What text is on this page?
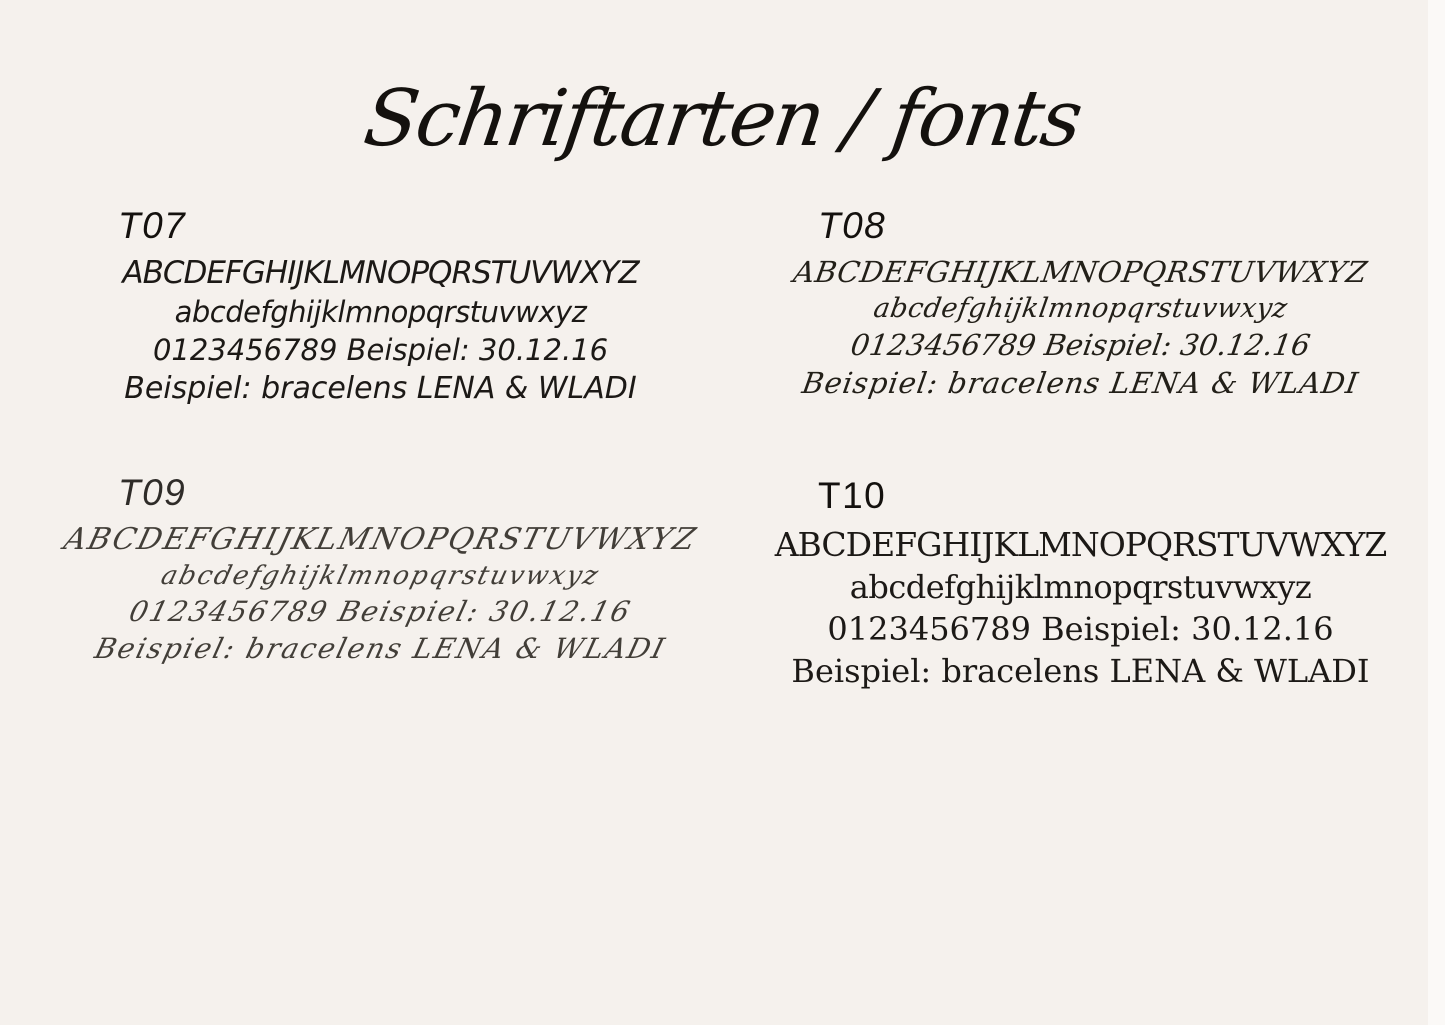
Schriftarten / fonts
T07
ABCDEFGHIJKLMNOPQRSTUVWXYZ
abcdefghijklmnopqrstuvwxyz
0123456789 Beispiel: 30.12.16
Beispiel: bracelens LENA & WLADI
T08
ABCDEFGHIJKLMNOPQRSTUVWXYZ
abcdefghijklmnopqrstuvwxyz
0123456789 Beispiel: 30.12.16
Beispiel: bracelens LENA & WLADI
T09
ABCDEFGHIJKLMNOPQRSTUVWXYZ
abcdefghijklmnopqrstuvwxyz
0123456789 Beispiel: 30.12.16
Beispiel: bracelens LENA & WLADI
T10
ABCDEFGHIJKLMNOPQRSTUVWXYZ
abcdefghijklmnopqrstuvwxyz
0123456789 Beispiel: 30.12.16
Beispiel: bracelens LENA & WLADI
